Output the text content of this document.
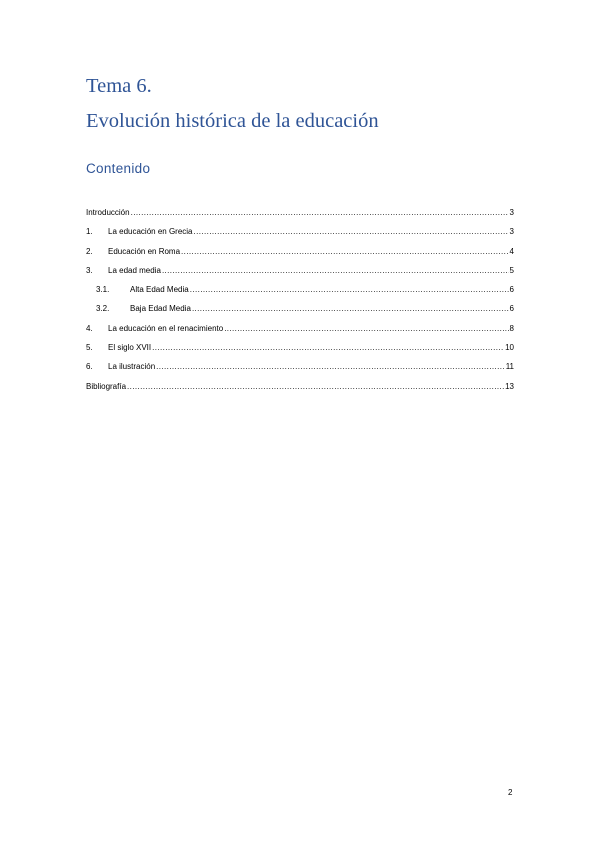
Tema 6.
Evolución histórica de la educación
Contenido
Introducción .....	3
1.	La educación en Grecia .....	3
2.	Educación en Roma .....	4
3.	La edad media .....	5
3.1.	Alta Edad Media .....	6
3.2.	Baja Edad Media .....	6
4.	La educación en el renacimiento .....	8
5.	El siglo XVII .....	10
6.	La ilustración .....	11
Bibliografía .....	13
2
